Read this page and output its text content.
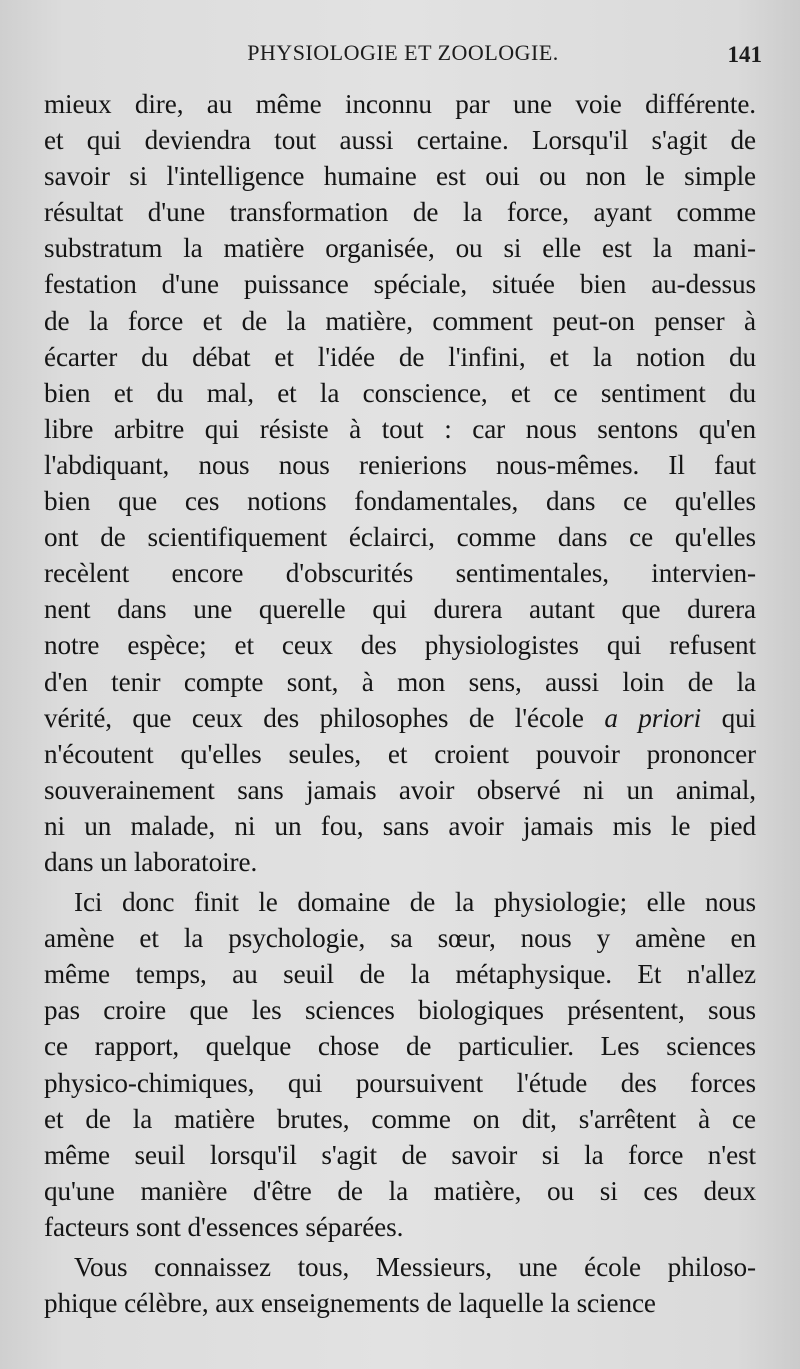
PHYSIOLOGIE ET ZOOLOGIE.	141
mieux dire, au même inconnu par une voie différente.
et qui deviendra tout aussi certaine. Lorsqu'il s'agit de
savoir si l'intelligence humaine est oui ou non le simple
résultat d'une transformation de la force, ayant comme
substratum la matière organisée, ou si elle est la mani-
festation d'une puissance spéciale, située bien au-dessus
de la force et de la matière, comment peut-on penser à
écarter du débat et l'idée de l'infini, et la notion du
bien et du mal, et la conscience, et ce sentiment du
libre arbitre qui résiste à tout : car nous sentons qu'en
l'abdiquant, nous nous renierions nous-mêmes. Il faut
bien que ces notions fondamentales, dans ce qu'elles
ont de scientifiquement éclairci, comme dans ce qu'elles
recèlent encore d'obscurités sentimentales, intervien-
nent dans une querelle qui durera autant que durera
notre espèce; et ceux des physiologistes qui refusent
d'en tenir compte sont, à mon sens, aussi loin de la
vérité, que ceux des philosophes de l'école a priori qui
n'écoutent qu'elles seules, et croient pouvoir prononcer
souverainement sans jamais avoir observé ni un animal,
ni un malade, ni un fou, sans avoir jamais mis le pied
dans un laboratoire.
Ici donc finit le domaine de la physiologie; elle nous
amène et la psychologie, sa sœur, nous y amène en
même temps, au seuil de la métaphysique. Et n'allez
pas croire que les sciences biologiques présentent, sous
ce rapport, quelque chose de particulier. Les sciences
physico-chimiques, qui poursuivent l'étude des forces
et de la matière brutes, comme on dit, s'arrêtent à ce
même seuil lorsqu'il s'agit de savoir si la force n'est
qu'une manière d'être de la matière, ou si ces deux
facteurs sont d'essences séparées.
Vous connaissez tous, Messieurs, une école philoso-
phique célèbre, aux enseignements de laquelle la science
